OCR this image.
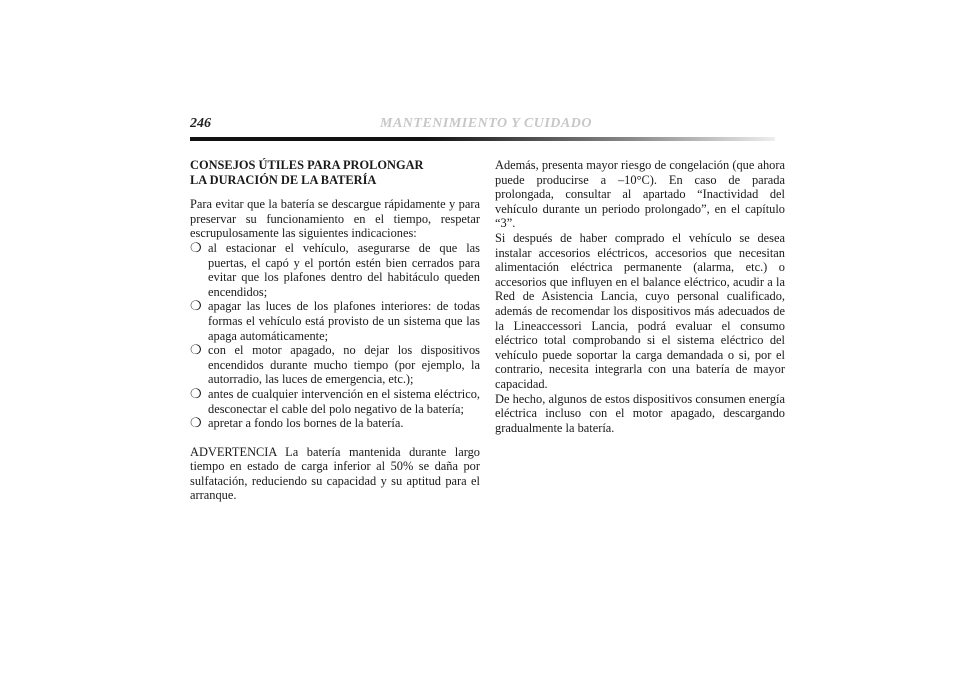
246	MANTENIMIENTO Y CUIDADO
CONSEJOS ÚTILES PARA PROLONGAR
LA DURACIÓN DE LA BATERÍA

Para evitar que la batería se descargue rápidamente y para preservar su funcionamiento en el tiempo, respetar escrupulosamente las siguientes indicaciones:

❍ al estacionar el vehículo, asegurarse de que las puertas, el capó y el portón estén bien cerrados para evitar que los plafones dentro del habitáculo queden encendidos;
❍ apagar las luces de los plafones interiores: de todas formas el vehículo está provisto de un sistema que las apaga automáticamente;
❍ con el motor apagado, no dejar los dispositivos encendidos durante mucho tiempo (por ejemplo, la autorradio, las luces de emergencia, etc.);
❍ antes de cualquier intervención en el sistema eléctrico, desconectar el cable del polo negativo de la batería;
❍ apretar a fondo los bornes de la batería.

ADVERTENCIA La batería mantenida durante largo tiempo en estado de carga inferior al 50% se daña por sulfatación, reduciendo su capacidad y su aptitud para el arranque.

Además, presenta mayor riesgo de congelación (que ahora puede producirse a –10°C). En caso de parada prolongada, consultar al apartado “Inactividad del vehículo durante un periodo prolongado”, en el capítulo “3”.

Si después de haber comprado el vehículo se desea instalar accesorios eléctricos, accesorios que necesitan alimentación eléctrica permanente (alarma, etc.) o accesorios que influyen en el balance eléctrico, acudir a la Red de Asistencia Lancia, cuyo personal cualificado, además de recomendar los dispositivos más adecuados de la Lineaccessori Lancia, podrá evaluar el consumo eléctrico total comprobando si el sistema eléctrico del vehículo puede soportar la carga demandada o si, por el contrario, necesita integrarla con una batería de mayor capacidad.

De hecho, algunos de estos dispositivos consumen energía eléctrica incluso con el motor apagado, descargando gradualmente la batería.
